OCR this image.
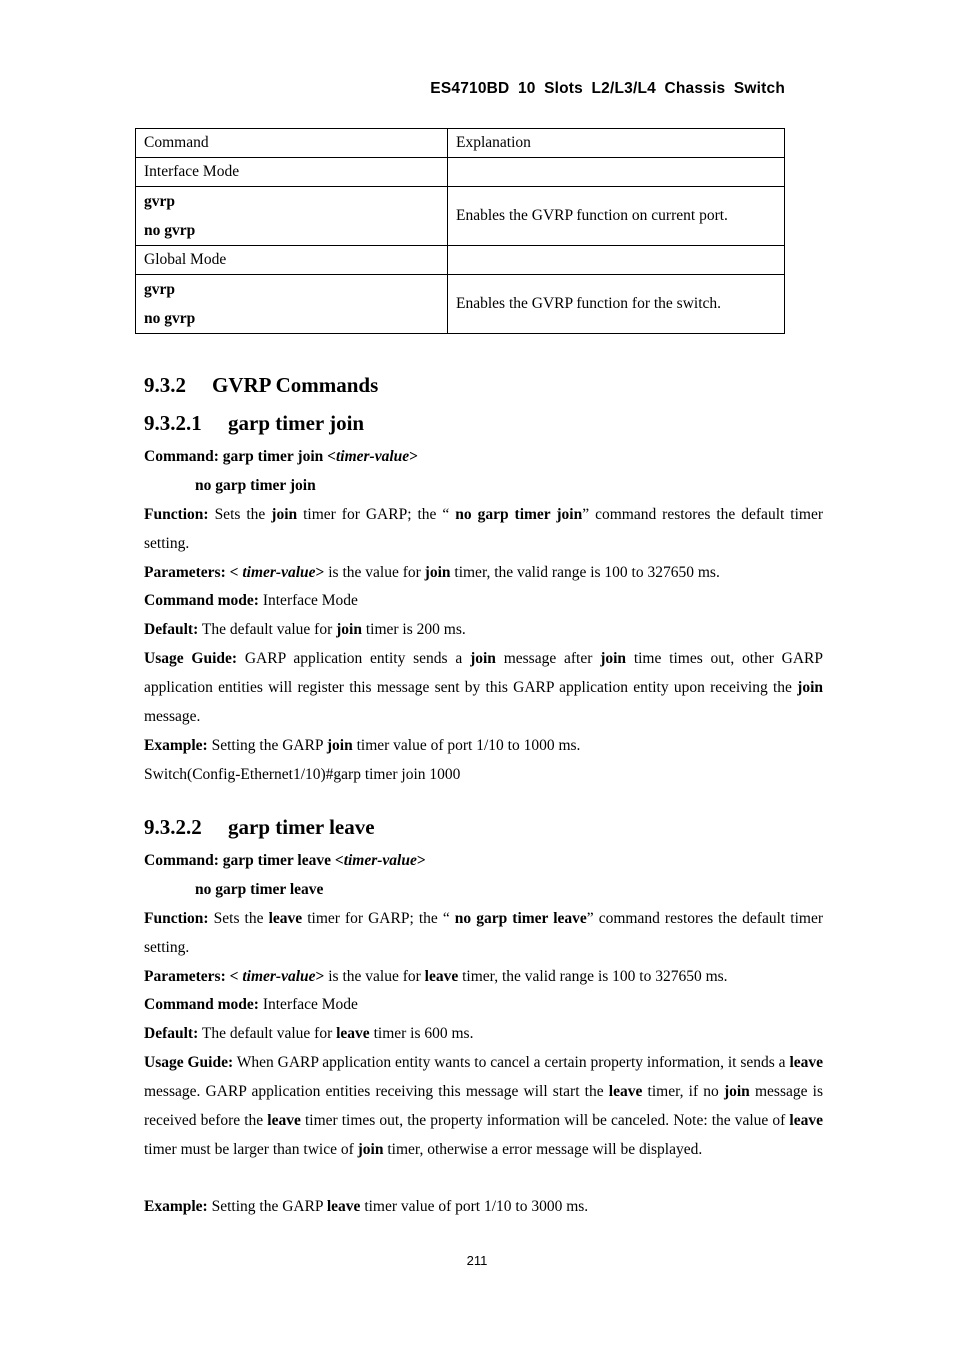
ES4710BD 10 Slots L2/L3/L4 Chassis Switch
Command	Explanation
Interface Mode	

gvrp
no gvrp	Enables the GVRP function on current port.
Global Mode	

gvrp
no gvrp	Enables the GVRP function for the switch.
9.3.2 GVRP Commands
9.3.2.1 garp timer join

Command: garp timer join <timer-value>

no garp timer join

Function: Sets the join timer for GARP; the “ no garp timer join” command restores the default timer setting.

Parameters: < timer-value> is the value for join timer, the valid range is 100 to 327650 ms.

Command mode: Interface Mode

Default: The default value for join timer is 200 ms.

Usage Guide: GARP application entity sends a join message after join time times out, other GARP application entities will register this message sent by this GARP application entity upon receiving the join message.

Example: Setting the GARP join timer value of port 1/10 to 1000 ms.

Switch(Config-Ethernet1/10)#garp timer join 1000

9.3.2.2 garp timer leave

Command: garp timer leave <timer-value>

no garp timer leave

Function: Sets the leave timer for GARP; the “ no garp timer leave” command restores the default timer setting.

Parameters: < timer-value> is the value for leave timer, the valid range is 100 to 327650 ms.

Command mode: Interface Mode

Default: The default value for leave timer is 600 ms.

Usage Guide: When GARP application entity wants to cancel a certain property information, it sends a leave message. GARP application entities receiving this message will start the leave timer, if no join message is received before the leave timer times out, the property information will be canceled. Note: the value of leave timer must be larger than twice of join timer, otherwise a error message will be displayed.

Example: Setting the GARP leave timer value of port 1/10 to 3000 ms.

211
